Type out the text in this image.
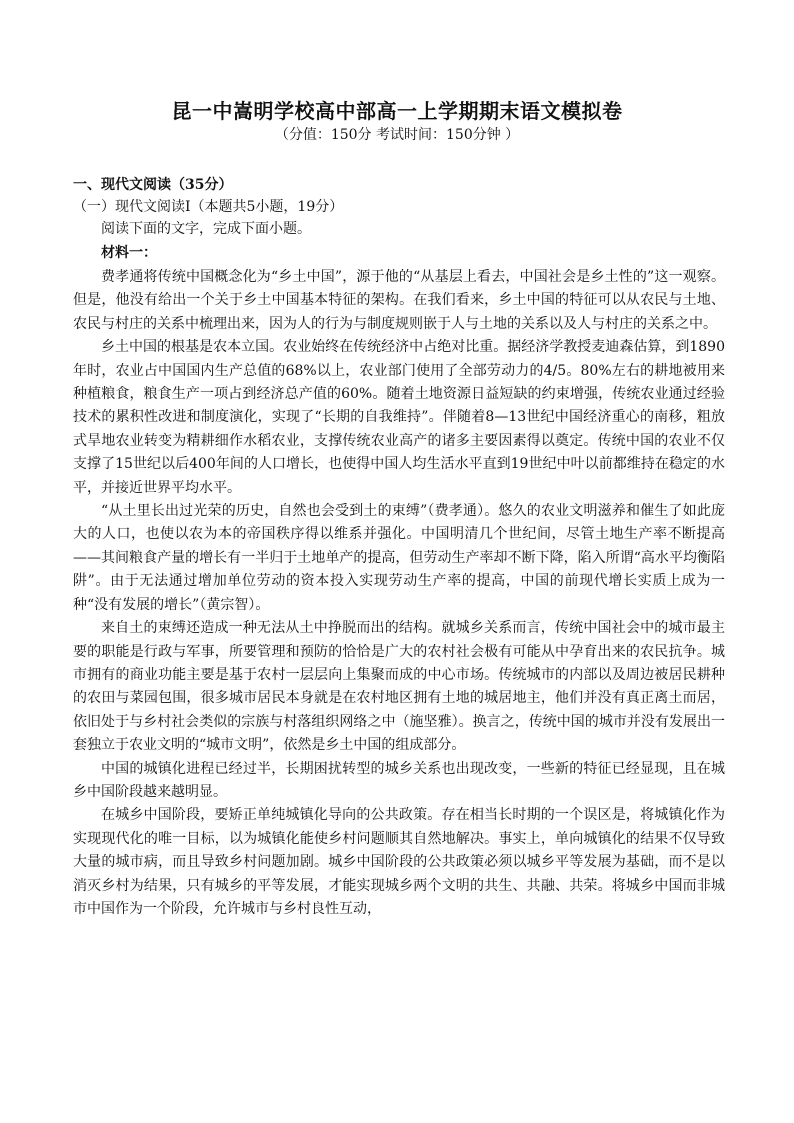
昆一中嵩明学校高中部高一上学期期末语文模拟卷
（分值：150分 考试时间：150分钟 ）
一、现代文阅读（35分）
（一）现代文阅读Ⅰ（本题共5小题，19分）
阅读下面的文字，完成下面小题。
材料一：

费孝通将传统中国概念化为“乡土中国”，源于他的“从基层上看去，中国社会是乡土性的”这一观察。但是，他没有给出一个关于乡土中国基本特征的架构。在我们看来，乡土中国的特征可以从农民与土地、农民与村庄的关系中梳理出来，因为人的行为与制度规则嵌于人与土地的关系以及人与村庄的关系之中。

乡土中国的根基是农本立国。农业始终在传统经济中占绝对比重。据经济学教授麦迪森估算，到1890年时，农业占中国国内生产总值的68%以上，农业部门使用了全部劳动力的4/5。80%左右的耕地被用来种植粮食，粮食生产一项占到经济总产值的60%。随着土地资源日益短缺的约束增强，传统农业通过经验技术的累积性改进和制度演化，实现了“长期的自我维持”。伴随着8—13世纪中国经济重心的南移，粗放式旱地农业转变为精耕细作水稻农业，支撑传统农业高产的诸多主要因素得以奠定。传统中国的农业不仅支撑了15世纪以后400年间的人口增长，也使得中国人均生活水平直到19世纪中叶以前都维持在稳定的水平，并接近世界平均水平。

“从土里长出过光荣的历史，自然也会受到土的束缚”（费孝通）。悠久的农业文明滋养和催生了如此庞大的人口，也使以农为本的帝国秩序得以维系并强化。中国明清几个世纪间，尽管土地生产率不断提高——其间粮食产量的增长有一半归于土地单产的提高，但劳动生产率却不断下降，陷入所谓“高水平均衡陷阱”。由于无法通过增加单位劳动的资本投入实现劳动生产率的提高，中国的前现代增长实质上成为一种“没有发展的增长”（黄宗智）。

来自土的束缚还造成一种无法从土中挣脱而出的结构。就城乡关系而言，传统中国社会中的城市最主要的职能是行政与军事，所要管理和预防的恰恰是广大的农村社会极有可能从中孕育出来的农民抗争。城市拥有的商业功能主要是基于农村一层层向上集聚而成的中心市场。传统城市的内部以及周边被居民耕种的农田与菜园包围，很多城市居民本身就是在农村地区拥有土地的城居地主，他们并没有真正离土而居，依旧处于与乡村社会类似的宗族与村落组织网络之中（施坚雅）。换言之，传统中国的城市并没有发展出一套独立于农业文明的“城市文明”，依然是乡土中国的组成部分。

中国的城镇化进程已经过半，长期困扰转型的城乡关系也出现改变，一些新的特征已经显现，且在城乡中国阶段越来越明显。

在城乡中国阶段，要矫正单纯城镇化导向的公共政策。存在相当长时期的一个误区是，将城镇化作为实现现代化的唯一目标，以为城镇化能使乡村问题顺其自然地解决。事实上，单向城镇化的结果不仅导致大量的城市病，而且导致乡村问题加剧。城乡中国阶段的公共政策必须以城乡平等发展为基础，而不是以消灭乡村为结果，只有城乡的平等发展，才能实现城乡两个文明的共生、共融、共荣。将城乡中国而非城市中国作为一个阶段，允许城市与乡村良性互动，
